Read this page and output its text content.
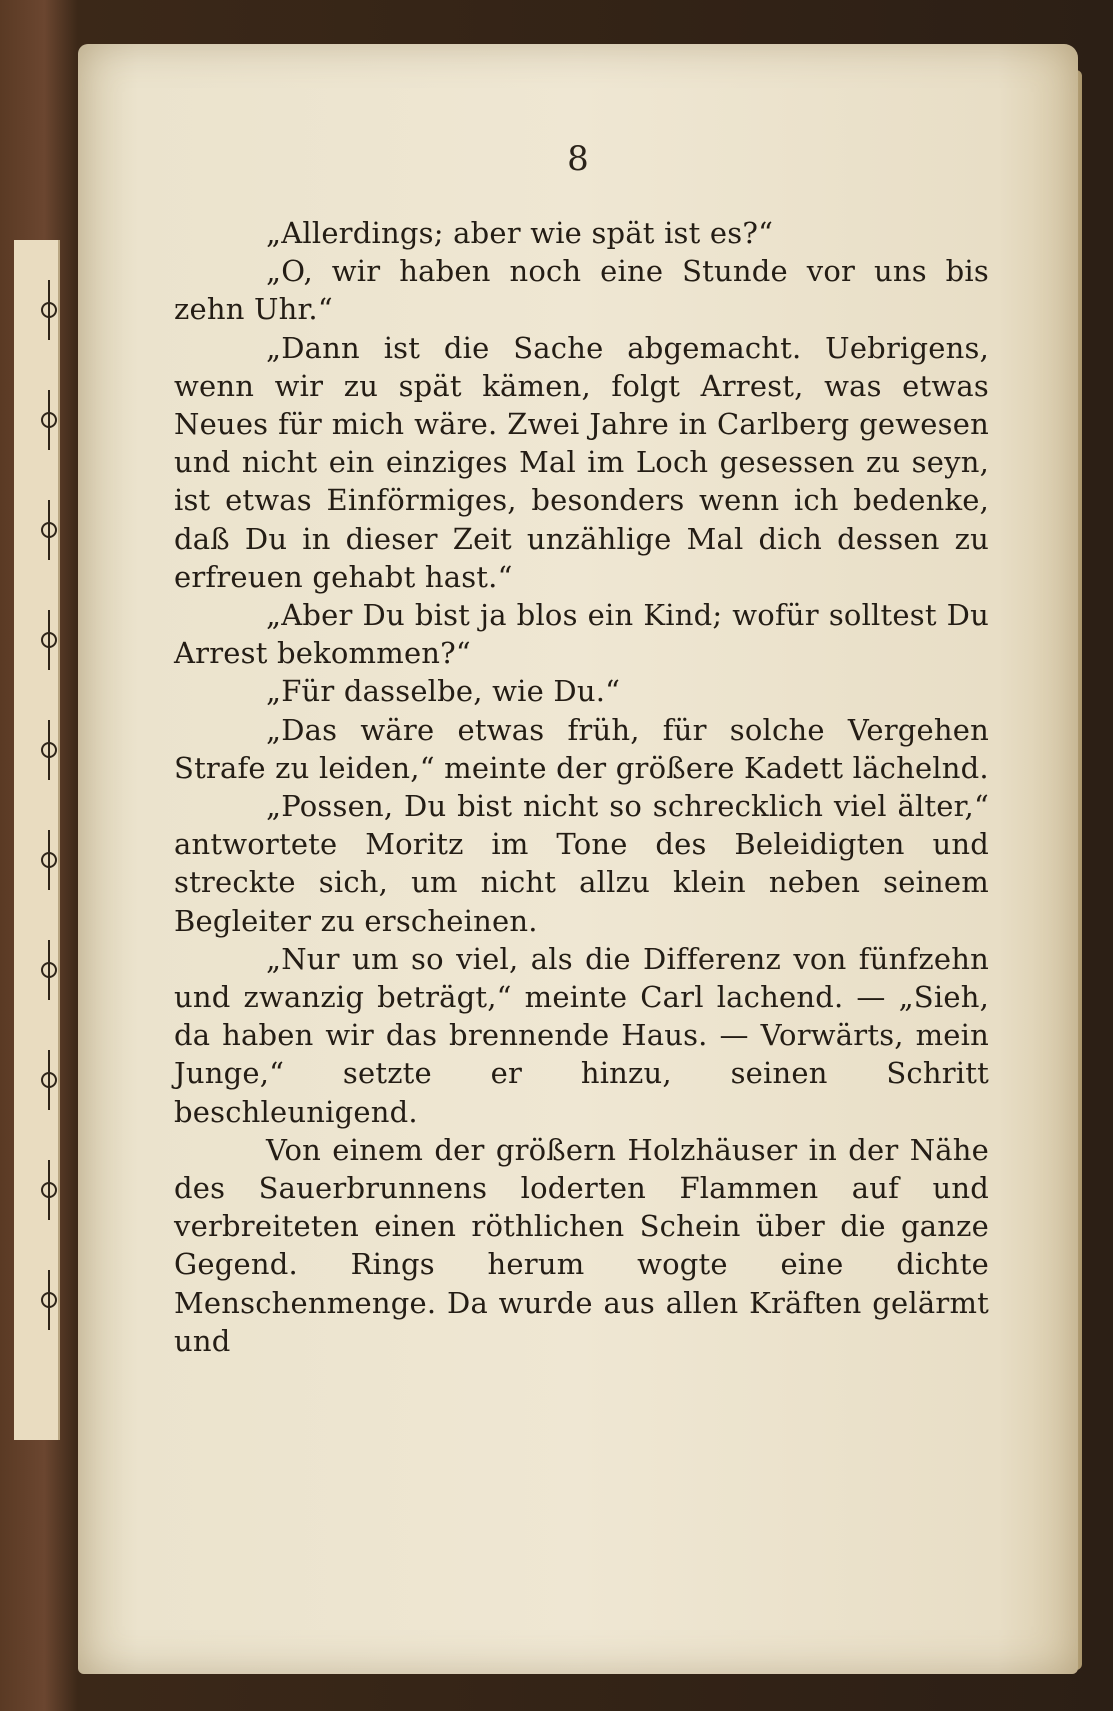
8

„Allerdings; aber wie spät ist es?“

„O, wir haben noch eine Stunde vor uns bis zehn Uhr.“

„Dann ist die Sache abgemacht. Uebrigens, wenn wir zu spät kämen, folgt Arrest, was etwas Neues für mich wäre. Zwei Jahre in Carlberg gewesen und nicht ein einziges Mal im Loch gesessen zu seyn, ist etwas Einförmiges, besonders wenn ich bedenke, daß Du in dieser Zeit unzählige Mal dich dessen zu erfreuen gehabt hast.“

„Aber Du bist ja blos ein Kind; wofür solltest Du Arrest bekommen?“

„Für dasselbe, wie Du.“

„Das wäre etwas früh, für solche Vergehen Strafe zu leiden,“ meinte der größere Kadett lächelnd.

„Possen, Du bist nicht so schrecklich viel älter,“ antwortete Moritz im Tone des Beleidigten und streckte sich, um nicht allzu klein neben seinem Begleiter zu erscheinen.

„Nur um so viel, als die Differenz von fünfzehn und zwanzig beträgt,“ meinte Carl lachend. — „Sieh, da haben wir das brennende Haus. — Vorwärts, mein Junge,“ setzte er hinzu, seinen Schritt beschleunigend.

Von einem der größern Holzhäuser in der Nähe des Sauerbrunnens loderten Flammen auf und verbreiteten einen röthlichen Schein über die ganze Gegend. Rings herum wogte eine dichte Menschenmenge. Da wurde aus allen Kräften gelärmt und
